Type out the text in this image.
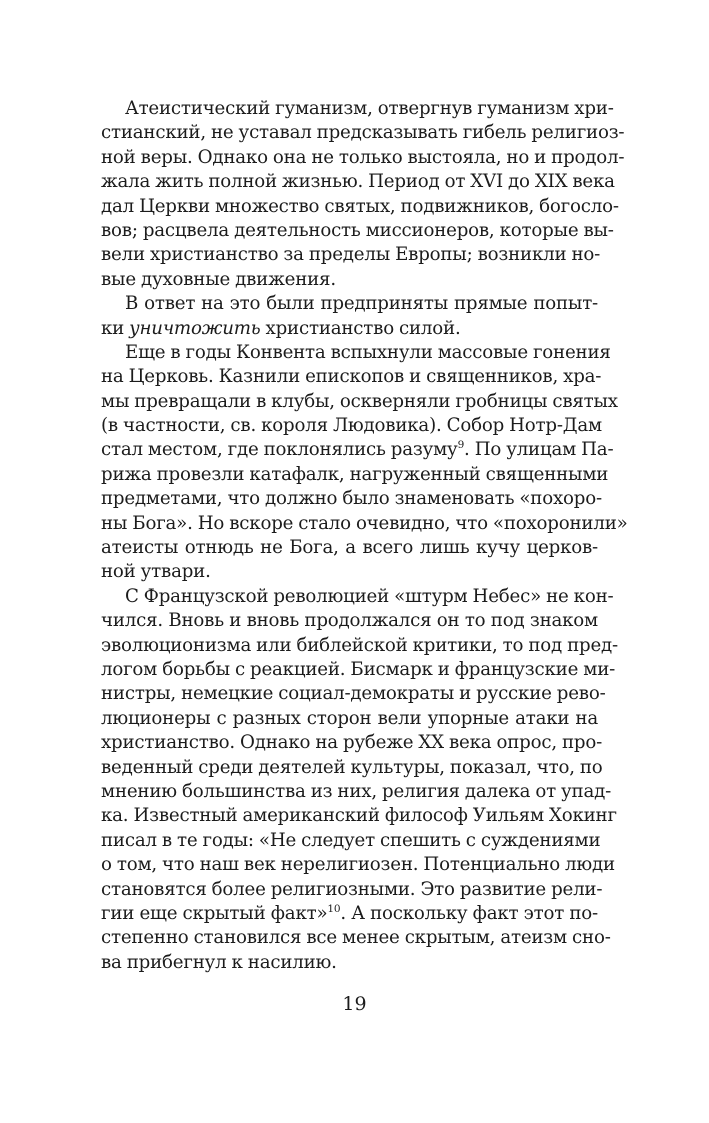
Атеистический гуманизм, отвергнув гуманизм хри-
стианский, не уставал предсказывать гибель религиоз-
ной веры. Однако она не только выстояла, но и продол-
жала жить полной жизнью. Период от XVI до XIX века
дал Церкви множество святых, подвижников, богосло-
вов; расцвела деятельность миссионеров, которые вы-
вели христианство за пределы Европы; возникли но-
вые духовные движения.
В ответ на это были предприняты прямые попыт-
ки уничтожить христианство силой.
Еще в годы Конвента вспыхнули массовые гонения
на Церковь. Казнили епископов и священников, хра-
мы превращали в клубы, оскверняли гробницы святых
(в частности, св. короля Людовика). Собор Нотр-Дам
стал местом, где поклонялись разуму$^9$. По улицам Па-
рижа провезли катафалк, нагруженный священными
предметами, что должно было знаменовать «похоро-
ны Бога». Но вскоре стало очевидно, что «похоронили»
атеисты отнюдь не Бога, а всего лишь кучу церков-
ной утвари.
С Французской революцией «штурм Небес» не кон-
чился. Вновь и вновь продолжался он то под знаком
эволюционизма или библейской критики, то под пред-
логом борьбы с реакцией. Бисмарк и французские ми-
нистры, немецкие социал-демократы и русские рево-
люционеры с разных сторон вели упорные атаки на
христианство. Однако на рубеже XX века опрос, про-
веденный среди деятелей культуры, показал, что, по
мнению большинства из них, религия далека от упад-
ка. Известный американский философ Уильям Хокинг
писал в те годы: «Не следует спешить с суждениями
о том, что наш век нерелигиозен. Потенциально люди
становятся более религиозными. Это развитие рели-
гии еще скрытый факт»$^{10}$. А поскольку факт этот по-
степенно становился все менее скрытым, атеизм сно-
ва прибегнул к насилию.
19
